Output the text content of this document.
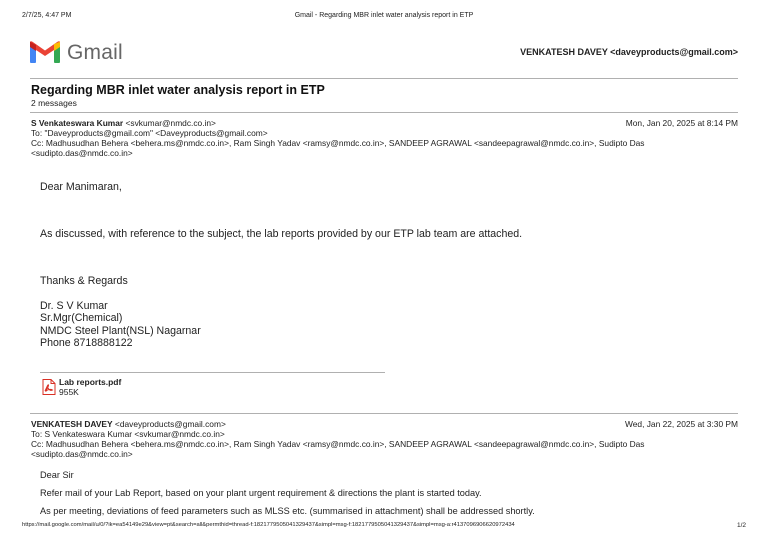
2/7/25, 4:47 PM	Gmail - Regarding MBR inlet water analysis report in ETP
Gmail	VENKATESH DAVEY <daveyproducts@gmail.com>
Regarding MBR inlet water analysis report in ETP
2 messages
S Venkateswara Kumar <svkumar@nmdc.co.in>	Mon, Jan 20, 2025 at 8:14 PM
To: "Daveyproducts@gmail.com" <Daveyproducts@gmail.com>
Cc: Madhusudhan Behera <behera.ms@nmdc.co.in>, Ram Singh Yadav <ramsy@nmdc.co.in>, SANDEEP AGRAWAL <sandeepagrawal@nmdc.co.in>, Sudipto Das
<sudipto.das@nmdc.co.in>
Dear Manimaran,
As discussed, with reference to the subject, the lab reports provided by our ETP lab team are attached.
Thanks & Regards
Dr. S V Kumar
Sr.Mgr(Chemical)
NMDC Steel Plant(NSL) Nagarnar
Phone 8718888122
Lab reports.pdf
955K
VENKATESH DAVEY <daveyproducts@gmail.com>	Wed, Jan 22, 2025 at 3:30 PM
To: S Venkateswara Kumar <svkumar@nmdc.co.in>
Cc: Madhusudhan Behera <behera.ms@nmdc.co.in>, Ram Singh Yadav <ramsy@nmdc.co.in>, SANDEEP AGRAWAL <sandeepagrawal@nmdc.co.in>, Sudipto Das
<sudipto.das@nmdc.co.in>
Dear Sir
Refer mail of your Lab Report, based on your plant urgent requirement & directions the plant is started today.
As per meeting, deviations of feed parameters such as MLSS etc. (summarised in attachment) shall be addressed shortly.
https://mail.google.com/mail/u/0/?ik=ea54149e29&view=pt&search=all&permthid=thread-f:1821779505041329437&simpl=msg-f:1821779505041329437&simpl=msg-a:r4137096906620972434	1/2
